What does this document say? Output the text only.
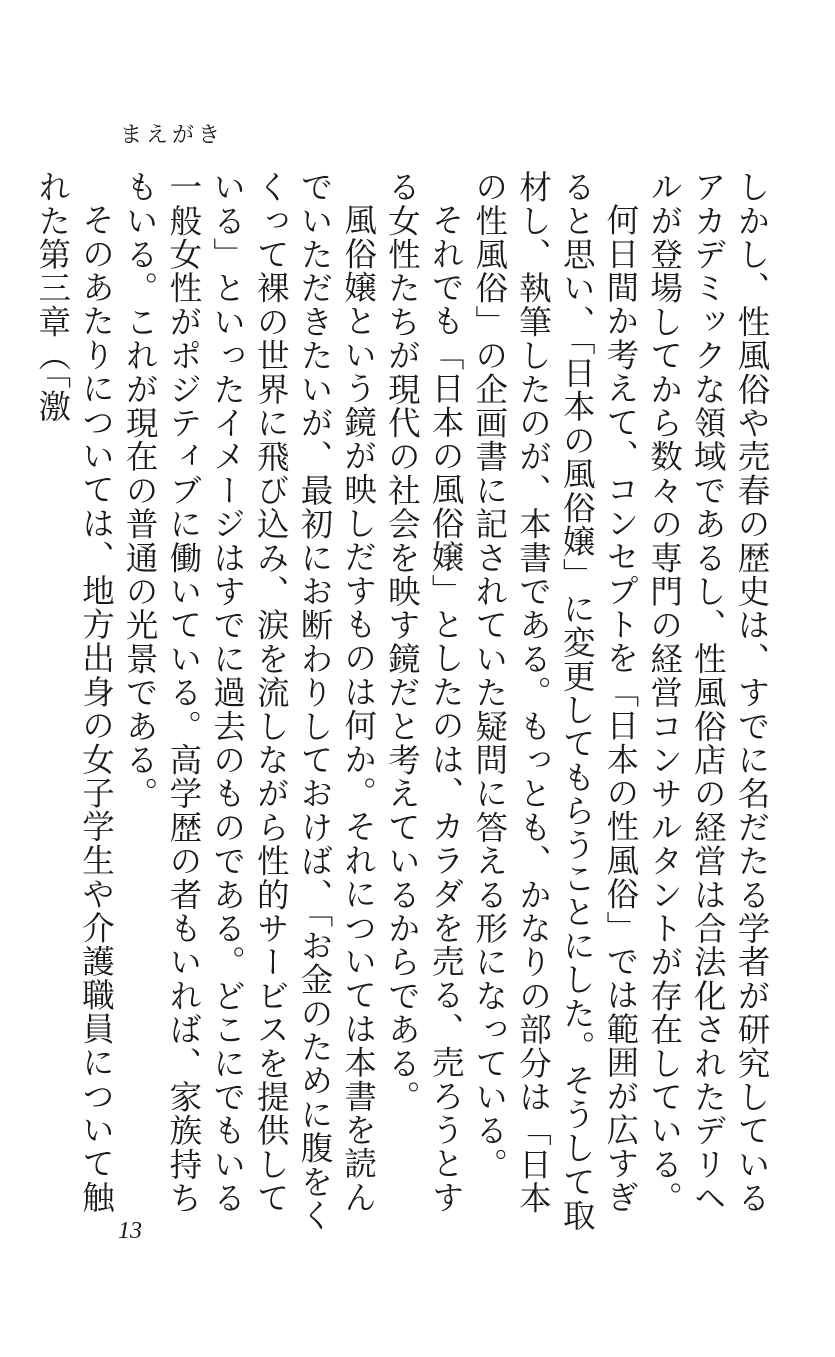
まえがき

しかし、性風俗や売春の歴史は、すでに名だたる学者が研究しているアカデミックな領域であるし、性風俗店の経営は合法化されたデリヘルが登場してから数々の専門の経営コンサルタントが存在している。

何日間か考えて、コンセプトを「日本の性風俗」では範囲が広すぎると思い、「日本の風俗嬢」に変更してもらうことにした。そうして取材し、執筆したのが、本書である。もっとも、かなりの部分は「日本の性風俗」の企画書に記されていた疑問に答える形になっている。

それでも「日本の風俗嬢」としたのは、カラダを売る、売ろうとする女性たちが現代の社会を映す鏡だと考えているからである。

風俗嬢という鏡が映しだすものは何か。それについては本書を読んでいただきたいが、最初にお断わりしておけば、「お金のために腹をくくって裸の世界に飛び込み、涙を流しながら性的サービスを提供している」といったイメージはすでに過去のものである。どこにでもいる一般女性がポジティブに働いている。高学歴の者もいれば、家族持ちもいる。これが現在の普通の光景である。

そのあたりについては、地方出身の女子学生や介護職員について触れた第三章（「激

13
